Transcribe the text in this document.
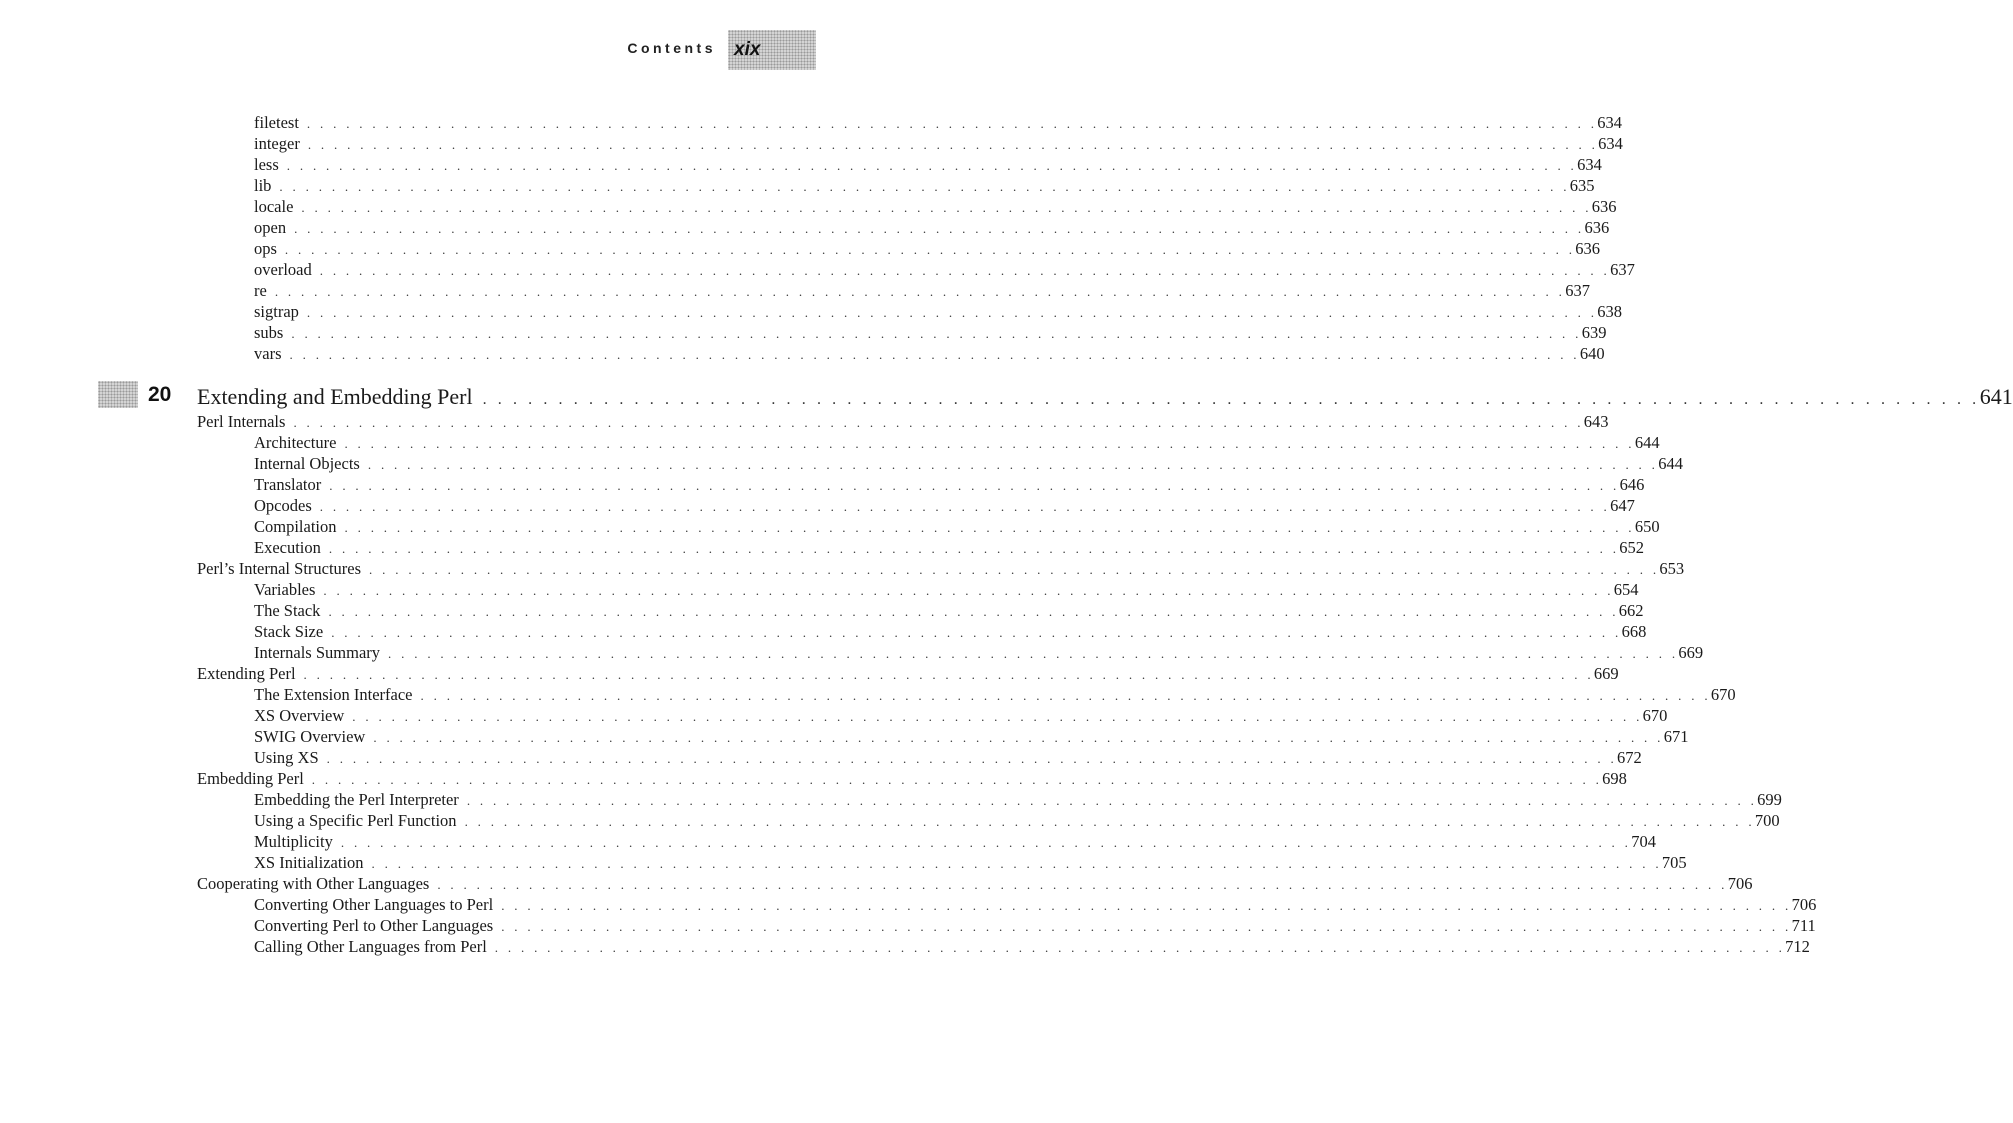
Contents xix
filetest . . . . . . . . . . . . . . . . . . . . . . . . . . . . . . . . . . . . . . . . . . . . . . . . . . . . . . . . . . . . . . . . . . . . . . . . . . . . . . . . . . . . . . . . . . . . . . . . . . . 634
integer . . . . . . . . . . . . . . . . . . . . . . . . . . . . . . . . . . . . . . . . . . . . . . . . . . . . . . . . . . . . . . . . . . . . . . . . . . . . . . . . . . . . . . . . . . . . . . . . . . . 634
less . . . . . . . . . . . . . . . . . . . . . . . . . . . . . . . . . . . . . . . . . . . . . . . . . . . . . . . . . . . . . . . . . . . . . . . . . . . . . . . . . . . . . . . . . . . . . . . . . . . 634
lib . . . . . . . . . . . . . . . . . . . . . . . . . . . . . . . . . . . . . . . . . . . . . . . . . . . . . . . . . . . . . . . . . . . . . . . . . . . . . . . . . . . . . . . . . . . . . . . . . . . 635
locale . . . . . . . . . . . . . . . . . . . . . . . . . . . . . . . . . . . . . . . . . . . . . . . . . . . . . . . . . . . . . . . . . . . . . . . . . . . . . . . . . . . . . . . . . . . . . . . . . . . 636
open . . . . . . . . . . . . . . . . . . . . . . . . . . . . . . . . . . . . . . . . . . . . . . . . . . . . . . . . . . . . . . . . . . . . . . . . . . . . . . . . . . . . . . . . . . . . . . . . . . . 636
ops . . . . . . . . . . . . . . . . . . . . . . . . . . . . . . . . . . . . . . . . . . . . . . . . . . . . . . . . . . . . . . . . . . . . . . . . . . . . . . . . . . . . . . . . . . . . . . . . . . . 636
overload . . . . . . . . . . . . . . . . . . . . . . . . . . . . . . . . . . . . . . . . . . . . . . . . . . . . . . . . . . . . . . . . . . . . . . . . . . . . . . . . . . . . . . . . . . . . . . . . . . . 637
re . . . . . . . . . . . . . . . . . . . . . . . . . . . . . . . . . . . . . . . . . . . . . . . . . . . . . . . . . . . . . . . . . . . . . . . . . . . . . . . . . . . . . . . . . . . . . . . . . . . 637
sigtrap . . . . . . . . . . . . . . . . . . . . . . . . . . . . . . . . . . . . . . . . . . . . . . . . . . . . . . . . . . . . . . . . . . . . . . . . . . . . . . . . . . . . . . . . . . . . . . . . . . . 638
subs . . . . . . . . . . . . . . . . . . . . . . . . . . . . . . . . . . . . . . . . . . . . . . . . . . . . . . . . . . . . . . . . . . . . . . . . . . . . . . . . . . . . . . . . . . . . . . . . . . . 639
vars . . . . . . . . . . . . . . . . . . . . . . . . . . . . . . . . . . . . . . . . . . . . . . . . . . . . . . . . . . . . . . . . . . . . . . . . . . . . . . . . . . . . . . . . . . . . . . . . . . . 640
20 Extending and Embedding Perl . . . . . . . . . . . . . . . . . . . . . . . . . . . . . . . . . . . . . . . . . . . . . . . . . . . . . . . . . . . . . . . . . . . . . . . . . . . . . . . . . . . . . . . . . . . . . . . . . . . 641
Perl Internals . . . . . . . . . . . . . . . . . . . . . . . . . . . . . . . . . . . . . . . . . . . . . . . . . . . . . . . . . . . . . . . . . . . . . . . . . . . . . . . . . . . . . . . . . . . . . . . . . . . 643
Architecture . . . . . . . . . . . . . . . . . . . . . . . . . . . . . . . . . . . . . . . . . . . . . . . . . . . . . . . . . . . . . . . . . . . . . . . . . . . . . . . . . . . . . . . . . . . . . . . . . . . 644
Internal Objects . . . . . . . . . . . . . . . . . . . . . . . . . . . . . . . . . . . . . . . . . . . . . . . . . . . . . . . . . . . . . . . . . . . . . . . . . . . . . . . . . . . . . . . . . . . . . . . . . . . 644
Translator . . . . . . . . . . . . . . . . . . . . . . . . . . . . . . . . . . . . . . . . . . . . . . . . . . . . . . . . . . . . . . . . . . . . . . . . . . . . . . . . . . . . . . . . . . . . . . . . . . . 646
Opcodes . . . . . . . . . . . . . . . . . . . . . . . . . . . . . . . . . . . . . . . . . . . . . . . . . . . . . . . . . . . . . . . . . . . . . . . . . . . . . . . . . . . . . . . . . . . . . . . . . . . 647
Compilation . . . . . . . . . . . . . . . . . . . . . . . . . . . . . . . . . . . . . . . . . . . . . . . . . . . . . . . . . . . . . . . . . . . . . . . . . . . . . . . . . . . . . . . . . . . . . . . . . . . 650
Execution . . . . . . . . . . . . . . . . . . . . . . . . . . . . . . . . . . . . . . . . . . . . . . . . . . . . . . . . . . . . . . . . . . . . . . . . . . . . . . . . . . . . . . . . . . . . . . . . . . . 652
Perl’s Internal Structures . . . . . . . . . . . . . . . . . . . . . . . . . . . . . . . . . . . . . . . . . . . . . . . . . . . . . . . . . . . . . . . . . . . . . . . . . . . . . . . . . . . . . . . . . . . . . . . . . . . 653
Variables . . . . . . . . . . . . . . . . . . . . . . . . . . . . . . . . . . . . . . . . . . . . . . . . . . . . . . . . . . . . . . . . . . . . . . . . . . . . . . . . . . . . . . . . . . . . . . . . . . . 654
The Stack . . . . . . . . . . . . . . . . . . . . . . . . . . . . . . . . . . . . . . . . . . . . . . . . . . . . . . . . . . . . . . . . . . . . . . . . . . . . . . . . . . . . . . . . . . . . . . . . . . . 662
Stack Size . . . . . . . . . . . . . . . . . . . . . . . . . . . . . . . . . . . . . . . . . . . . . . . . . . . . . . . . . . . . . . . . . . . . . . . . . . . . . . . . . . . . . . . . . . . . . . . . . . . 668
Internals Summary . . . . . . . . . . . . . . . . . . . . . . . . . . . . . . . . . . . . . . . . . . . . . . . . . . . . . . . . . . . . . . . . . . . . . . . . . . . . . . . . . . . . . . . . . . . . . . . . . . . 669
Extending Perl . . . . . . . . . . . . . . . . . . . . . . . . . . . . . . . . . . . . . . . . . . . . . . . . . . . . . . . . . . . . . . . . . . . . . . . . . . . . . . . . . . . . . . . . . . . . . . . . . . . 669
The Extension Interface . . . . . . . . . . . . . . . . . . . . . . . . . . . . . . . . . . . . . . . . . . . . . . . . . . . . . . . . . . . . . . . . . . . . . . . . . . . . . . . . . . . . . . . . . . . . . . . . . . . 670
XS Overview . . . . . . . . . . . . . . . . . . . . . . . . . . . . . . . . . . . . . . . . . . . . . . . . . . . . . . . . . . . . . . . . . . . . . . . . . . . . . . . . . . . . . . . . . . . . . . . . . . . 670
SWIG Overview . . . . . . . . . . . . . . . . . . . . . . . . . . . . . . . . . . . . . . . . . . . . . . . . . . . . . . . . . . . . . . . . . . . . . . . . . . . . . . . . . . . . . . . . . . . . . . . . . . . 671
Using XS . . . . . . . . . . . . . . . . . . . . . . . . . . . . . . . . . . . . . . . . . . . . . . . . . . . . . . . . . . . . . . . . . . . . . . . . . . . . . . . . . . . . . . . . . . . . . . . . . . . 672
Embedding Perl . . . . . . . . . . . . . . . . . . . . . . . . . . . . . . . . . . . . . . . . . . . . . . . . . . . . . . . . . . . . . . . . . . . . . . . . . . . . . . . . . . . . . . . . . . . . . . . . . . . 698
Embedding the Perl Interpreter . . . . . . . . . . . . . . . . . . . . . . . . . . . . . . . . . . . . . . . . . . . . . . . . . . . . . . . . . . . . . . . . . . . . . . . . . . . . . . . . . . . . . . . . . . . . . . . . . . . 699
Using a Specific Perl Function . . . . . . . . . . . . . . . . . . . . . . . . . . . . . . . . . . . . . . . . . . . . . . . . . . . . . . . . . . . . . . . . . . . . . . . . . . . . . . . . . . . . . . . . . . . . . . . . . . . 700
Multiplicity . . . . . . . . . . . . . . . . . . . . . . . . . . . . . . . . . . . . . . . . . . . . . . . . . . . . . . . . . . . . . . . . . . . . . . . . . . . . . . . . . . . . . . . . . . . . . . . . . . . 704
XS Initialization . . . . . . . . . . . . . . . . . . . . . . . . . . . . . . . . . . . . . . . . . . . . . . . . . . . . . . . . . . . . . . . . . . . . . . . . . . . . . . . . . . . . . . . . . . . . . . . . . . . 705
Cooperating with Other Languages . . . . . . . . . . . . . . . . . . . . . . . . . . . . . . . . . . . . . . . . . . . . . . . . . . . . . . . . . . . . . . . . . . . . . . . . . . . . . . . . . . . . . . . . . . . . . . . . . . . 706
Converting Other Languages to Perl . . . . . . . . . . . . . . . . . . . . . . . . . . . . . . . . . . . . . . . . . . . . . . . . . . . . . . . . . . . . . . . . . . . . . . . . . . . . . . . . . . . . . . . . . . . . . . . . . . . 706
Converting Perl to Other Languages . . . . . . . . . . . . . . . . . . . . . . . . . . . . . . . . . . . . . . . . . . . . . . . . . . . . . . . . . . . . . . . . . . . . . . . . . . . . . . . . . . . . . . . . . . . . . . . . . . . 711
Calling Other Languages from Perl . . . . . . . . . . . . . . . . . . . . . . . . . . . . . . . . . . . . . . . . . . . . . . . . . . . . . . . . . . . . . . . . . . . . . . . . . . . . . . . . . . . . . . . . . . . . . . . . . . . 712
